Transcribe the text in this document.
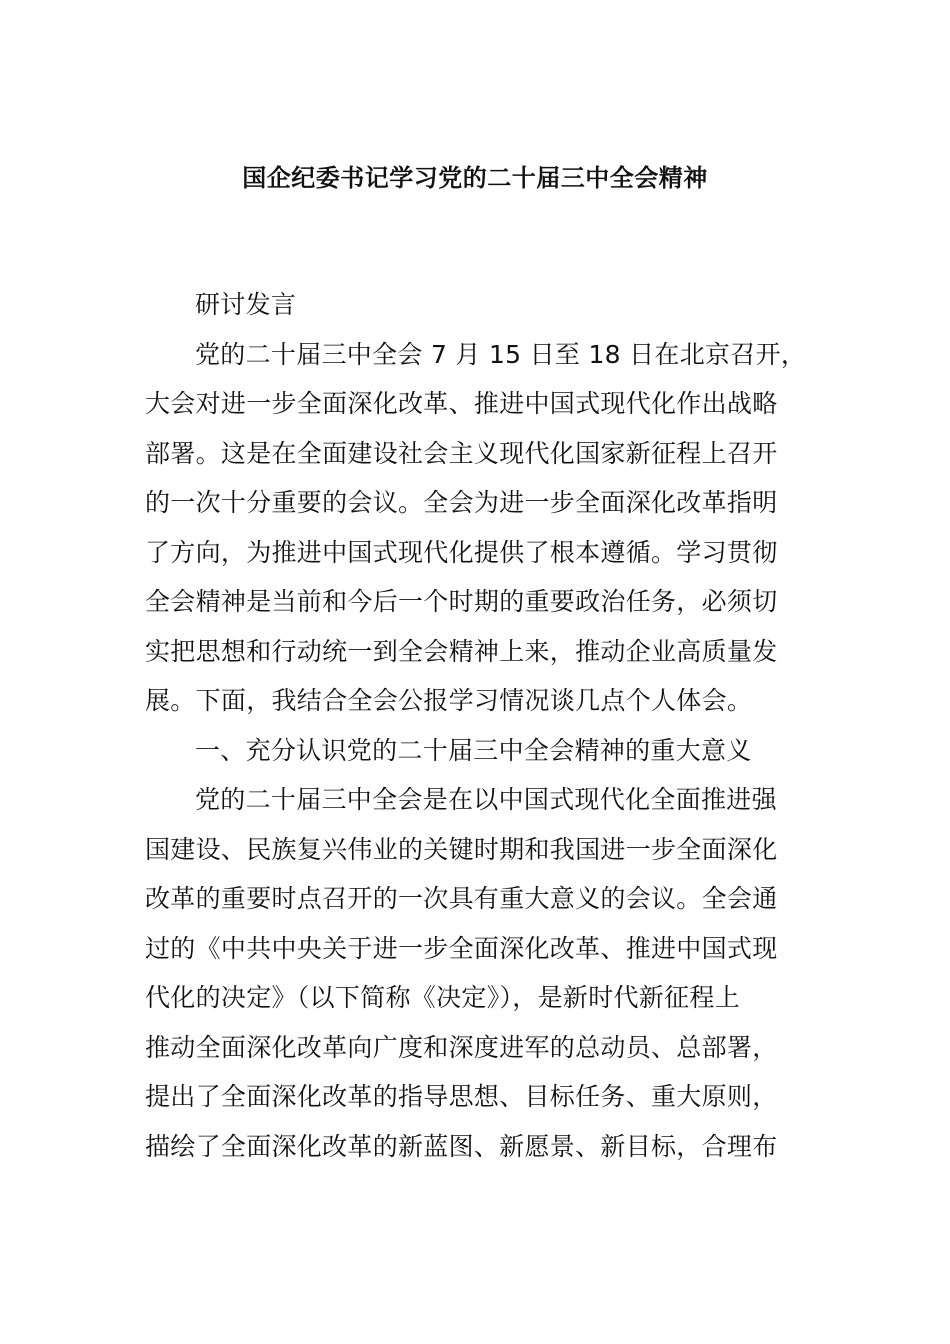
国企纪委书记学习党的二十届三中全会精神
研讨发言
党的二十届三中全会 7 月 15 日至 18 日在北京召开，
大会对进一步全面深化改革、推进中国式现代化作出战略
部署。这是在全面建设社会主义现代化国家新征程上召开
的一次十分重要的会议。全会为进一步全面深化改革指明
了方向，为推进中国式现代化提供了根本遵循。学习贯彻
全会精神是当前和今后一个时期的重要政治任务，必须切
实把思想和行动统一到全会精神上来，推动企业高质量发
展。下面，我结合全会公报学习情况谈几点个人体会。
一、充分认识党的二十届三中全会精神的重大意义
党的二十届三中全会是在以中国式现代化全面推进强
国建设、民族复兴伟业的关键时期和我国进一步全面深化
改革的重要时点召开的一次具有重大意义的会议。全会通
过的《中共中央关于进一步全面深化改革、推进中国式现
代化的决定》（以下简称《决定》），是新时代新征程上
推动全面深化改革向广度和深度进军的总动员、总部署，
提出了全面深化改革的指导思想、目标任务、重大原则，
描绘了全面深化改革的新蓝图、新愿景、新目标，合理布
